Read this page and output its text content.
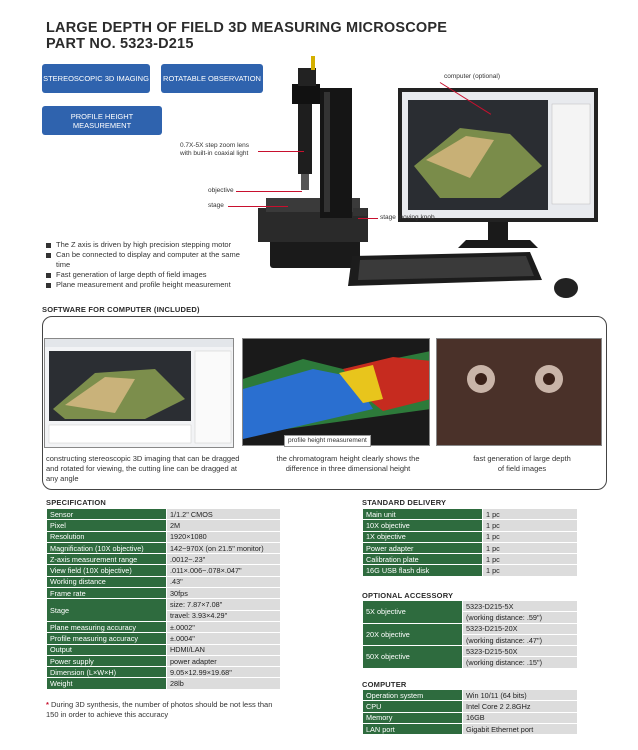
LARGE DEPTH OF FIELD 3D MEASURING MICROSCOPE
PART NO. 5323-D215
STEREOSCOPIC 3D IMAGING ROTATABLE OBSERVATION
PROFILE HEIGHT MEASUREMENT
computer (optional)
0.7X-5X step zoom lens
with built-in coaxial light
objective
stage
stage moving knob
The Z axis is driven by high precision stepping motor
Can be connected to display and computer at the same time
Fast generation of large depth of field images
Plane measurement and profile height measurement
SOFTWARE FOR COMPUTER (INCLUDED)
profile height measurement
constructing stereoscopic 3D imaging that can be dragged and rotated for viewing, the cutting line can be dragged at any angle
the chromatogram height clearly shows the difference in three dimensional height
fast generation of large depth of field images
SPECIFICATION
Sensor	1/1.2" CMOS
Pixel	2M
Resolution	1920×1080
Magnification (10X objective)	142~970X (on 21.5" monitor)
Z-axis measurement range	.0012~.23"
View field (10X objective)	.011×.006~.078×.047"
Working distance	.43"
Frame rate	30fps
Stage	size: 7.87×7.08"
	travel: 3.93×4.29"
Plane measuring accuracy	±.0002"
Profile measuring accuracy	±.0004"
Output	HDMI/LAN
Power supply	power adapter
Dimension (L×W×H)	9.05×12.99×19.68"
Weight	28lb
* During 3D synthesis, the number of photos should be not less than 150 in order to achieve this accuracy
STANDARD DELIVERY
Main unit	1 pc
10X objective	1 pc
1X objective	1 pc
Power adapter	1 pc
Calibration plate	1 pc
16G USB flash disk	1 pc
OPTIONAL ACCESSORY
5X objective	5323-D215-5X
	(working distance: .59")
20X objective	5323-D215-20X
	(working distance: .47")
50X objective	5323-D215-50X
	(working distance: .15")
COMPUTER
Operation system	Win 10/11 (64 bits)
CPU	Intel Core 2 2.8GHz
Memory	16GB
LAN port	Gigabit Ethernet port
